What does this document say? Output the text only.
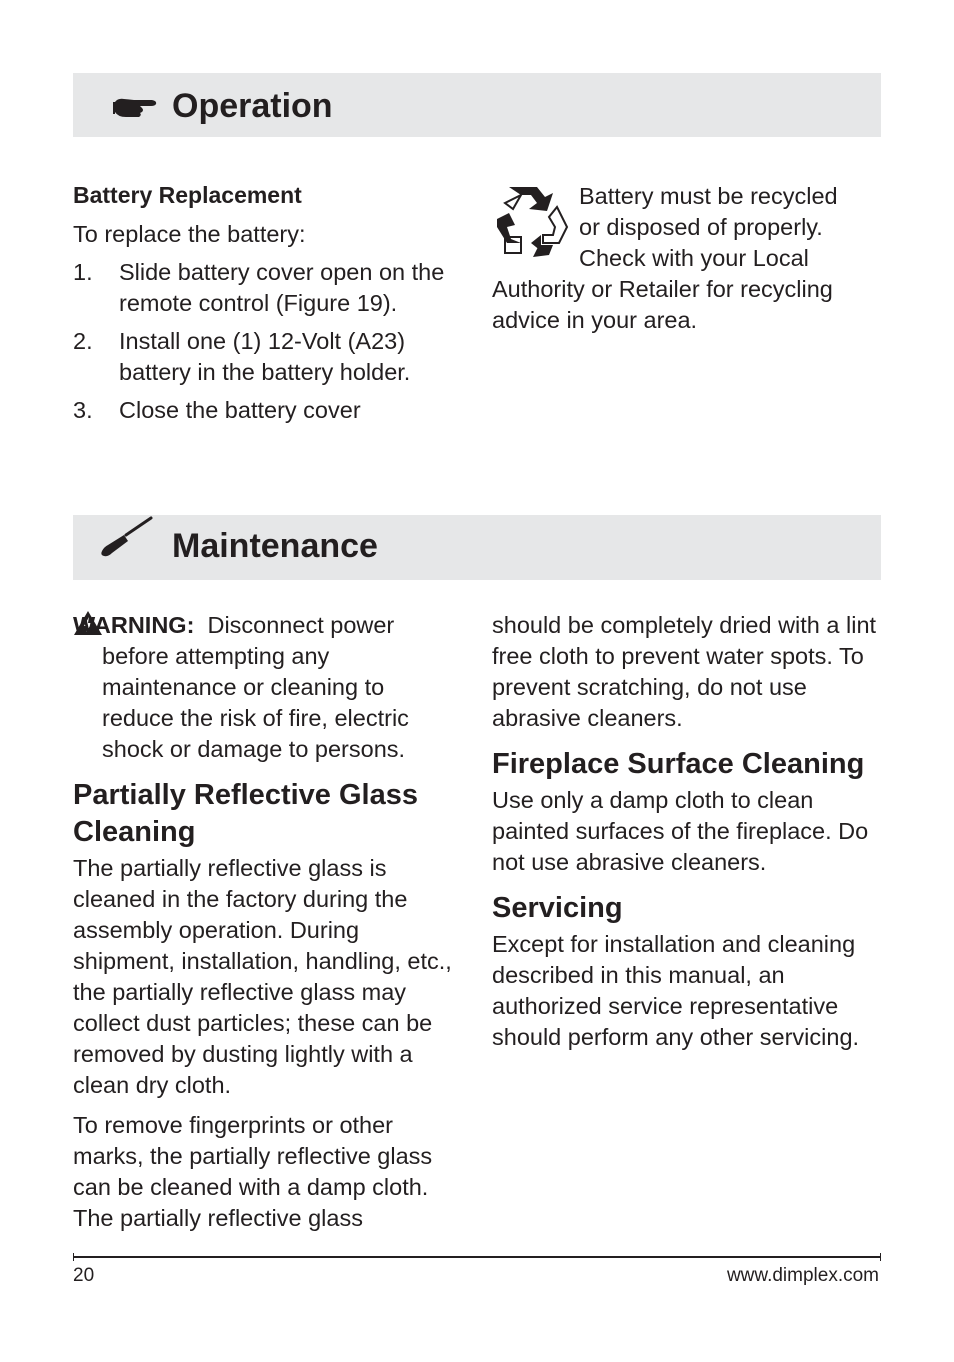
Operation

Battery Replacement

To replace the battery:

1. Slide battery cover open on the remote control (Figure 19).
2. Install one (1) 12-Volt (A23) battery in the battery holder.
3. Close the battery cover
Battery must be recycled
or disposed of properly.
Check with your Local
Authority or Retailer for recycling advice in your area.
Maintenance

WARNING: Disconnect power before attempting any maintenance or cleaning to reduce the risk of fire, electric shock or damage to persons.

Partially Reflective Glass Cleaning

The partially reflective glass is cleaned in the factory during the assembly operation. During shipment, installation, handling, etc., the partially reflective glass may collect dust particles; these can be removed by dusting lightly with a clean dry cloth.

To remove fingerprints or other marks, the partially reflective glass can be cleaned with a damp cloth. The partially reflective glass

should be completely dried with a lint free cloth to prevent water spots. To prevent scratching, do not use abrasive cleaners.

Fireplace Surface Cleaning

Use only a damp cloth to clean painted surfaces of the fireplace. Do not use abrasive cleaners.

Servicing

Except for installation and cleaning described in this manual, an authorized service representative should perform any other servicing.

20	www.dimplex.com
